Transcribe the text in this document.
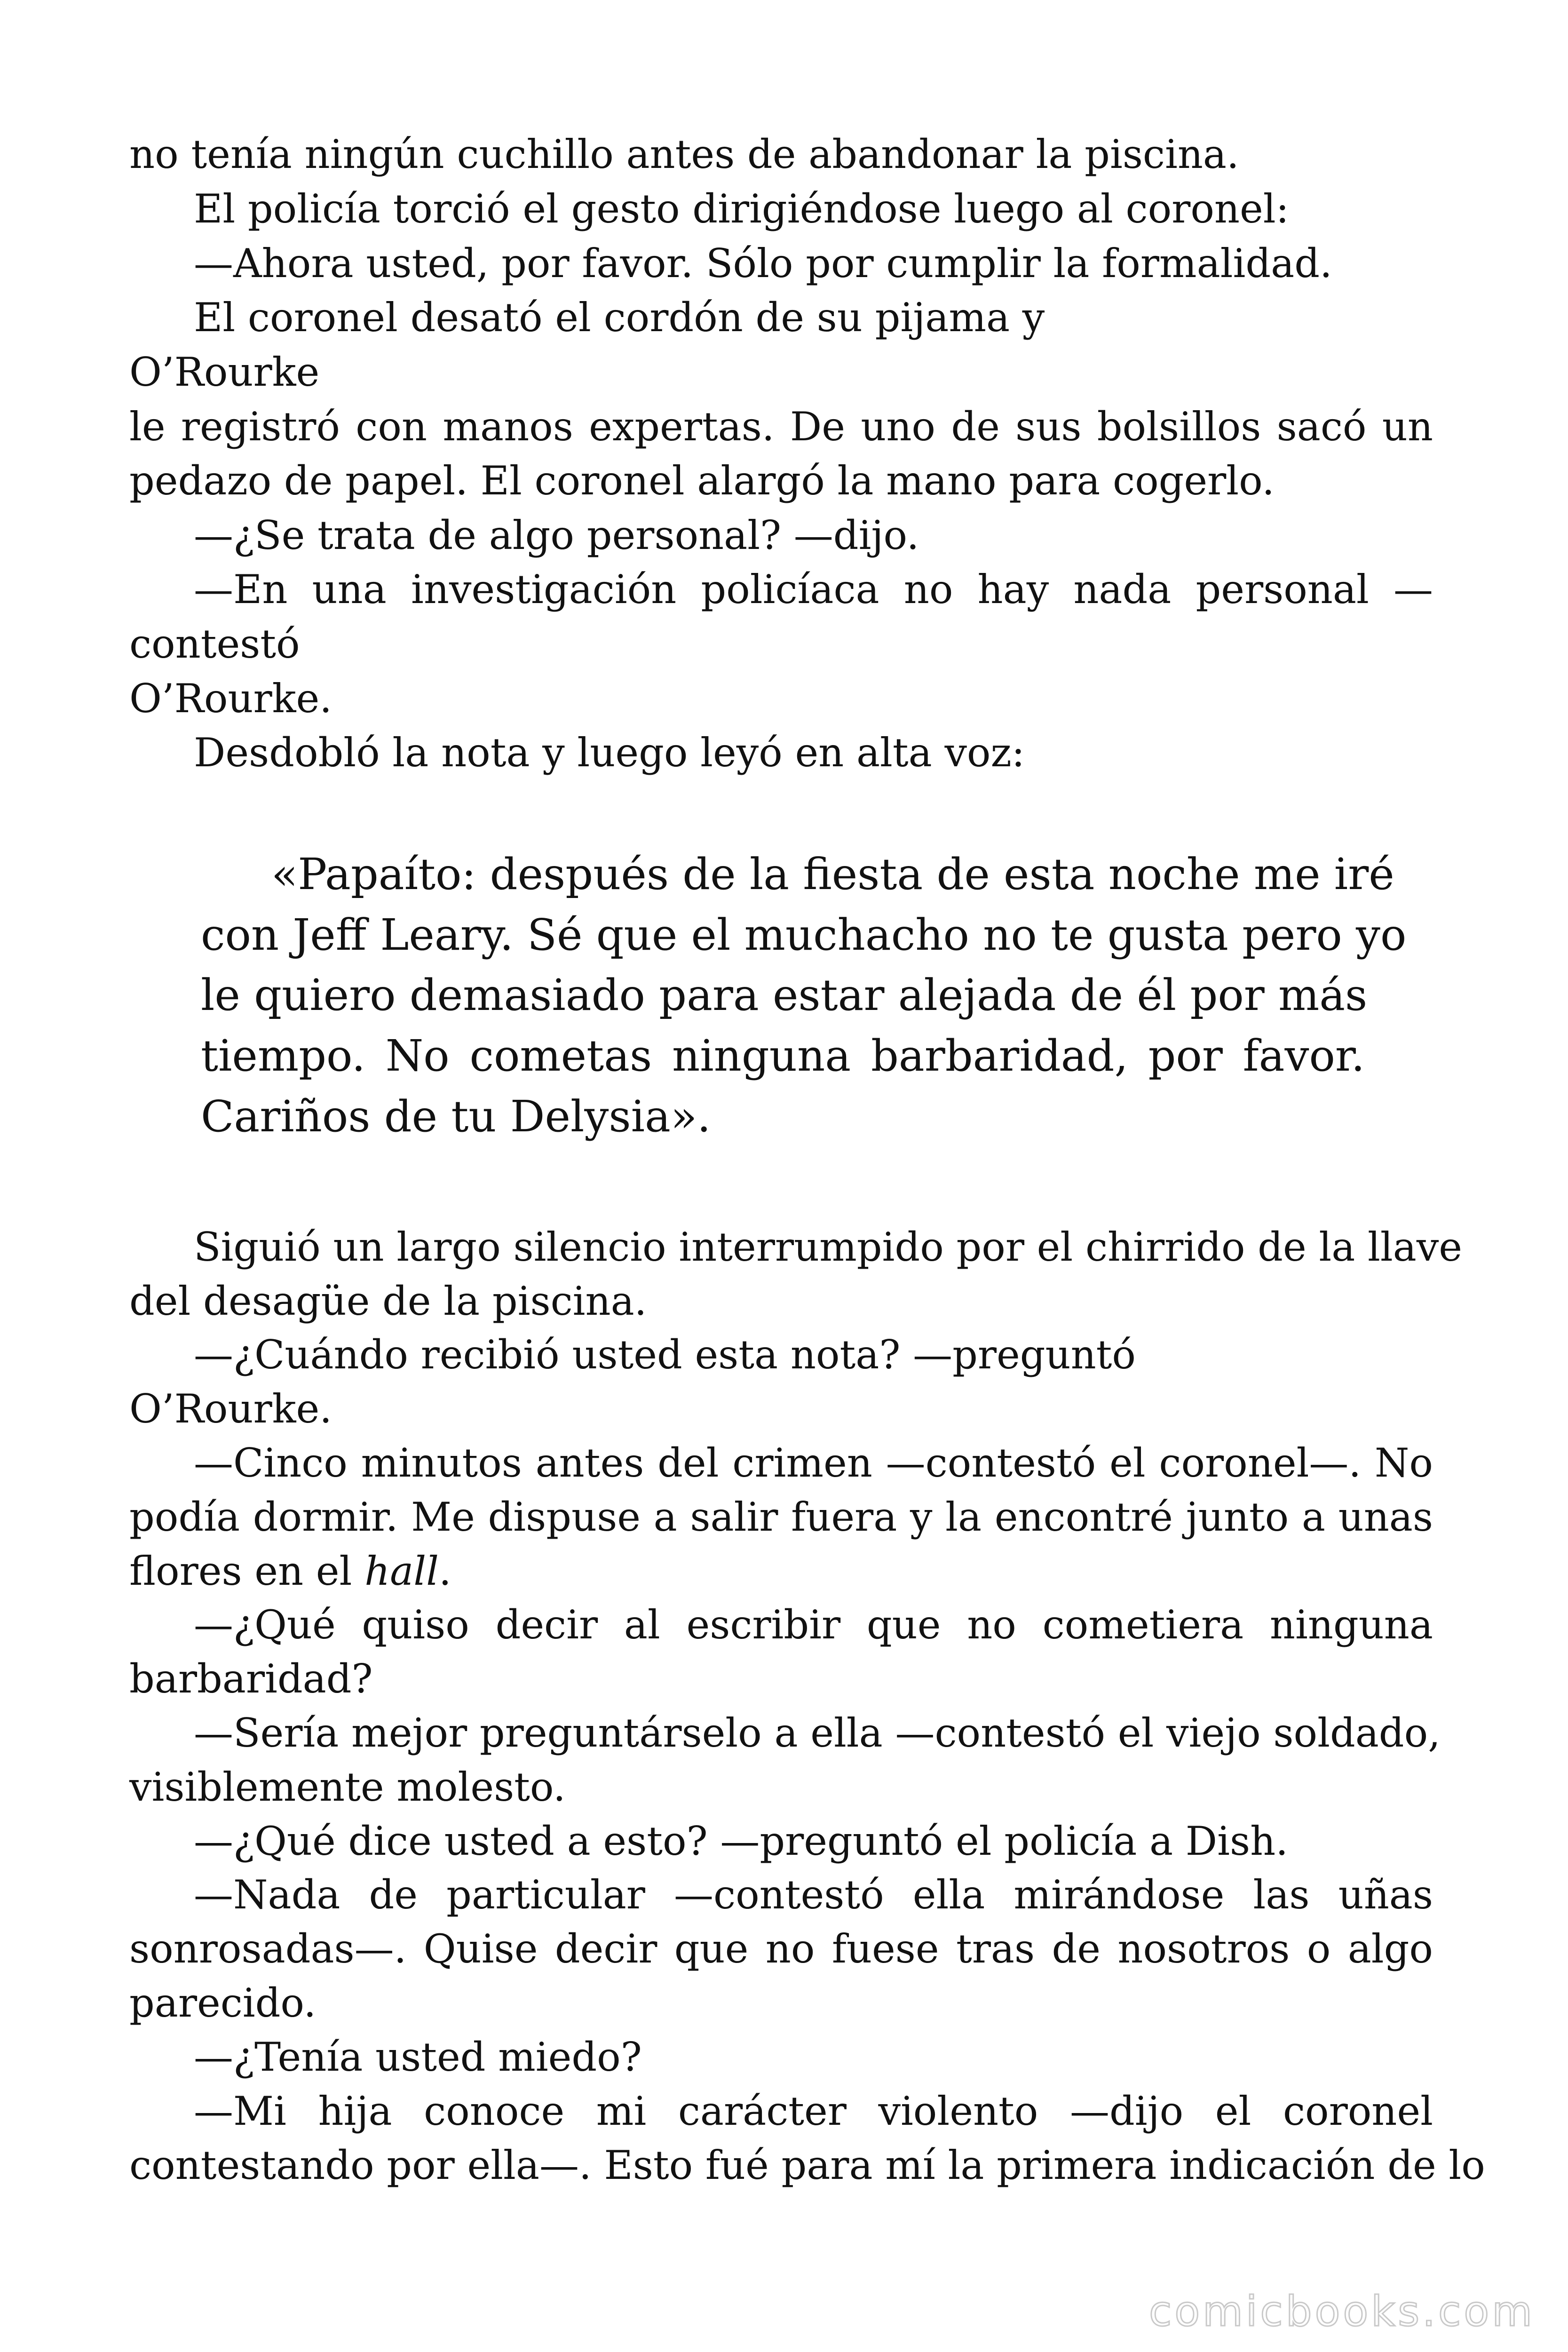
no tenía ningún cuchillo antes de abandonar la piscina.
El policía torció el gesto dirigiéndose luego al coronel:
—Ahora usted, por favor. Sólo por cumplir la formalidad.
El coronel desató el cordón de su pijama y
O’Rourke
le registró con manos expertas. De uno de sus bolsillos sacó un
pedazo de papel. El coronel alargó la mano para cogerlo.
—¿Se trata de algo personal? —dijo.
—En una investigación policíaca no hay nada personal —
contestó
O’Rourke.
Desdobló la nota y luego leyó en alta voz:
«Papaíto: después de la fiesta de esta noche me iré
con Jeff Leary. Sé que el muchacho no te gusta pero yo
le quiero demasiado para estar alejada de él por más
tiempo. No cometas ninguna barbaridad, por favor.
Cariños de tu Delysia».
Siguió un largo silencio interrumpido por el chirrido de la llave
del desagüe de la piscina.
—¿Cuándo recibió usted esta nota? —preguntó
O’Rourke.
—Cinco minutos antes del crimen —contestó el coronel—. No
podía dormir. Me dispuse a salir fuera y la encontré junto a unas
flores en el hall.
—¿Qué quiso decir al escribir que no cometiera ninguna
barbaridad?
—Sería mejor preguntárselo a ella —contestó el viejo soldado,
visiblemente molesto.
—¿Qué dice usted a esto? —preguntó el policía a Dish.
—Nada de particular —contestó ella mirándose las uñas
sonrosadas—. Quise decir que no fuese tras de nosotros o algo
parecido.
—¿Tenía usted miedo?
—Mi hija conoce mi carácter violento —dijo el coronel
contestando por ella—. Esto fué para mí la primera indicación de lo
comicbooks.com
